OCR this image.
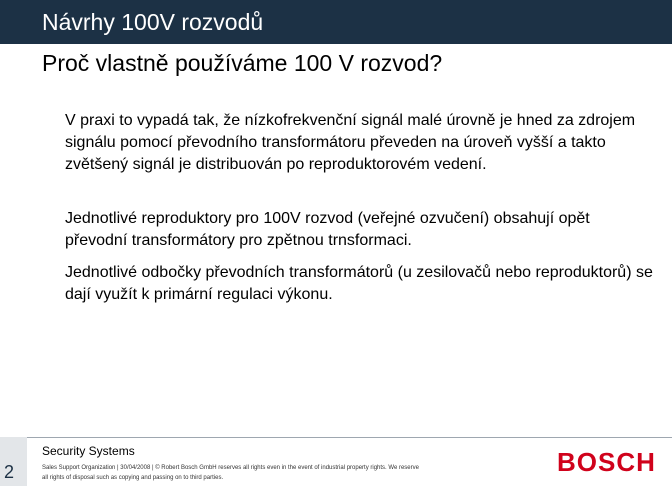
Návrhy 100V rozvodů
Proč vlastně používáme 100 V rozvod?

V praxi to vypadá tak, že nízkofrekvenční signál malé úrovně je hned za zdrojem signálu pomocí převodního transformátoru převeden na úroveň vyšší a takto zvětšený signál je distribuován po reproduktorovém vedení.

Jednotlivé reproduktory pro 100V rozvod (veřejné ozvučení) obsahují opět převodní transformátory pro zpětnou trnsformaci.

Jednotlivé odbočky převodních transformátorů (u zesilovačů nebo reproduktorů) se dají využít k primární regulaci výkonu.

2
Security Systems
Sales Support Organization | 30/04/2008 | © Robert Bosch GmbH reserves all rights even in the event of industrial property rights. We reserve
all rights of disposal such as copying and passing on to third parties.
BOSCH
